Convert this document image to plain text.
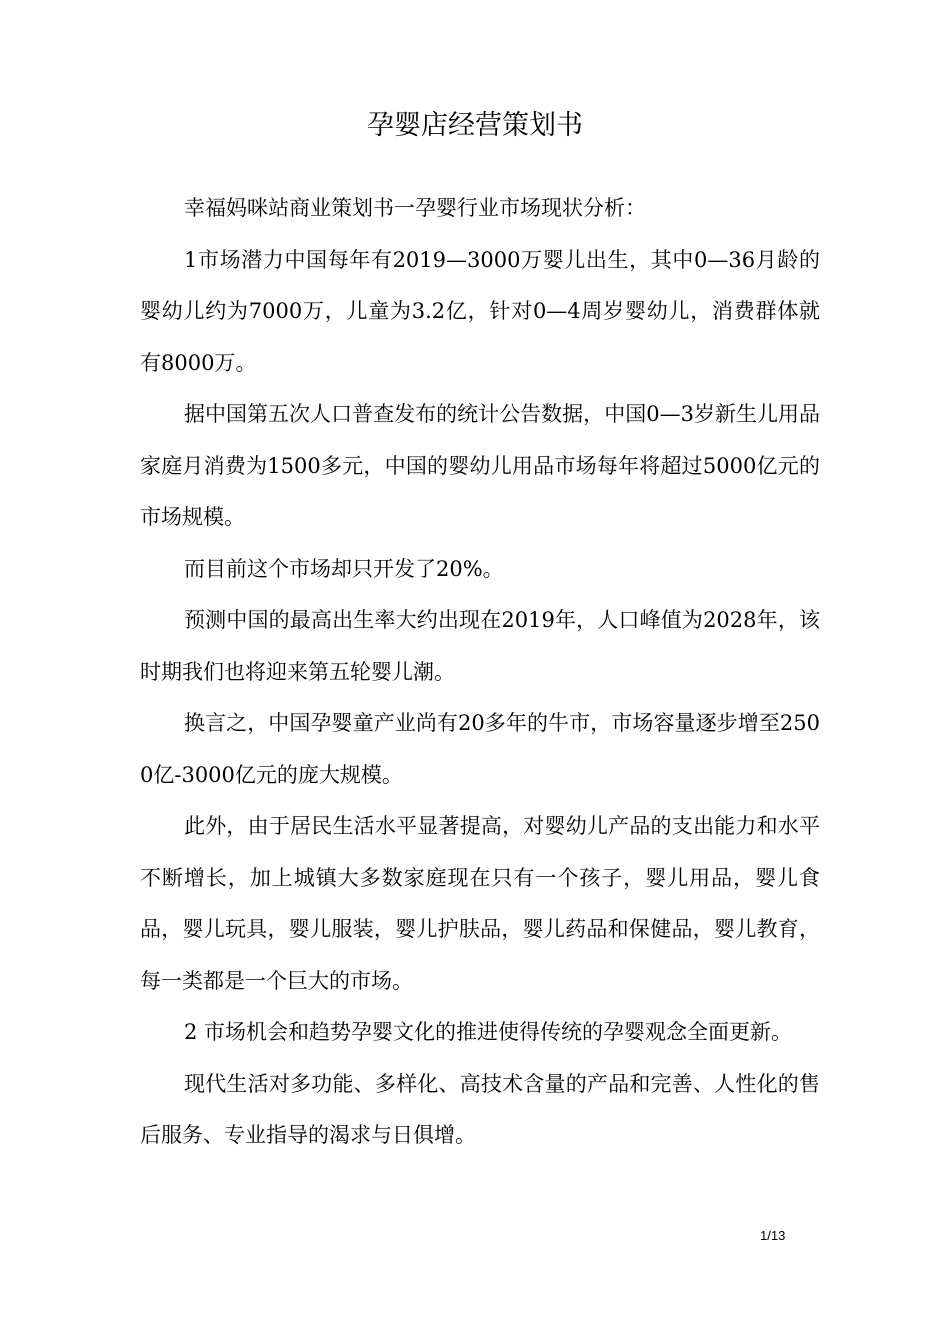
孕婴店经营策划书

幸福妈咪站商业策划书一孕婴行业市场现状分析：

1市场潜力中国每年有2019—3000万婴儿出生，其中0—36月龄的婴幼儿约为7000万，儿童为3.2亿，针对0—4周岁婴幼儿，消费群体就有8000万。

据中国第五次人口普查发布的统计公告数据，中国0—3岁新生儿用品家庭月消费为1500多元，中国的婴幼儿用品市场每年将超过5000亿元的市场规模。

而目前这个市场却只开发了20%。

预测中国的最高出生率大约出现在2019年，人口峰值为2028年，该时期我们也将迎来第五轮婴儿潮。

换言之，中国孕婴童产业尚有20多年的牛市，市场容量逐步增至2500亿-3000亿元的庞大规模。

此外，由于居民生活水平显著提高，对婴幼儿产品的支出能力和水平不断增长，加上城镇大多数家庭现在只有一个孩子，婴儿用品，婴儿食品，婴儿玩具，婴儿服装，婴儿护肤品，婴儿药品和保健品，婴儿教育，每一类都是一个巨大的市场。

2 市场机会和趋势孕婴文化的推进使得传统的孕婴观念全面更新。

现代生活对多功能、多样化、高技术含量的产品和完善、人性化的售后服务、专业指导的渴求与日俱增。

1/13
